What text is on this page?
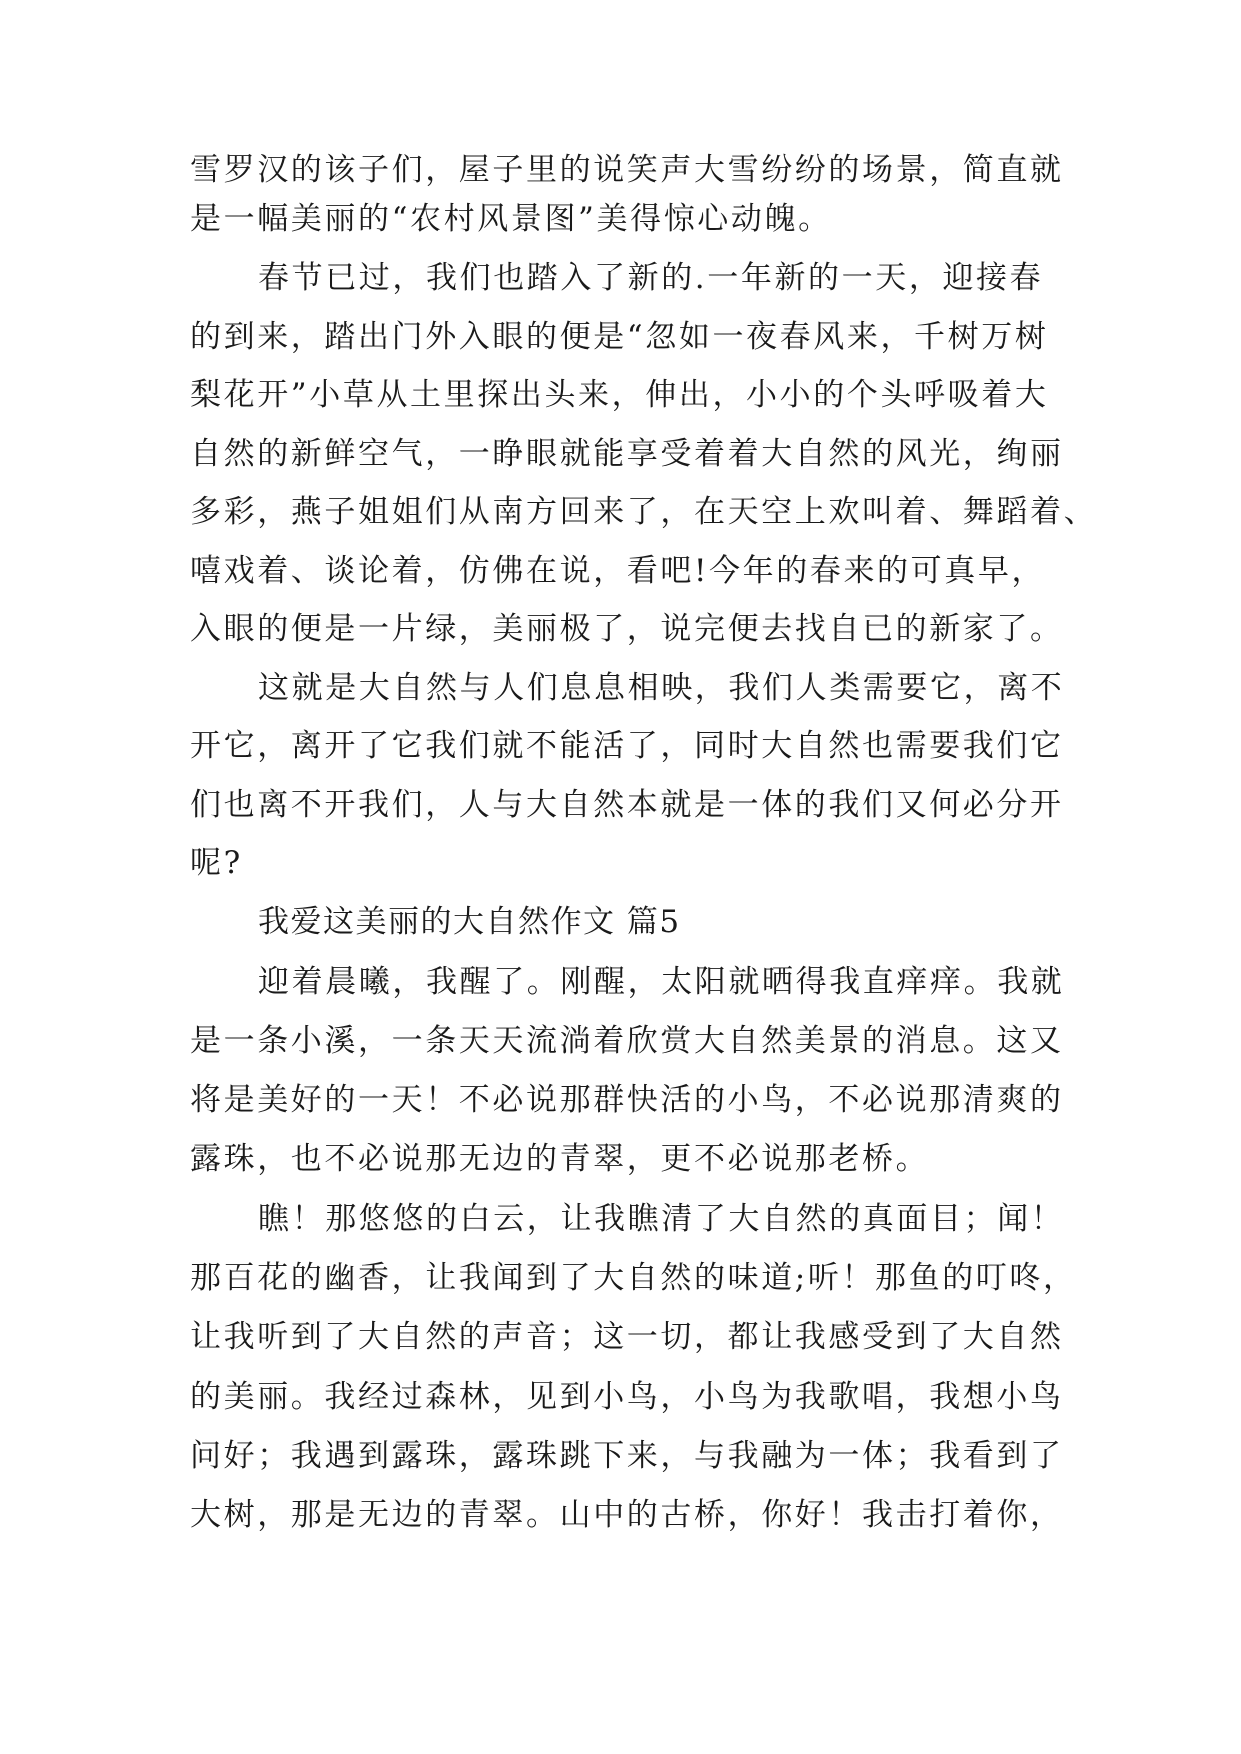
雪罗汉的该子们，屋子里的说笑声大雪纷纷的场景，简直就
是一幅美丽的“农村风景图”美得惊心动魄。
春节已过，我们也踏入了新的.一年新的一天，迎接春
的到来，踏出门外入眼的便是“忽如一夜春风来，千树万树
梨花开”小草从土里探出头来，伸出，小小的个头呼吸着大
自然的新鲜空气，一睁眼就能享受着着大自然的风光，绚丽
多彩，燕子姐姐们从南方回来了，在天空上欢叫着、舞蹈着、
嘻戏着、谈论着，仿佛在说，看吧!今年的春来的可真早，
入眼的便是一片绿，美丽极了，说完便去找自已的新家了。
这就是大自然与人们息息相映，我们人类需要它，离不
开它，离开了它我们就不能活了，同时大自然也需要我们它
们也离不开我们，人与大自然本就是一体的我们又何必分开
呢?
我爱这美丽的大自然作文 篇5
迎着晨曦，我醒了。刚醒，太阳就晒得我直痒痒。我就
是一条小溪，一条天天流淌着欣赏大自然美景的消息。这又
将是美好的一天！不必说那群快活的小鸟，不必说那清爽的
露珠，也不必说那无边的青翠，更不必说那老桥。
瞧！那悠悠的白云，让我瞧清了大自然的真面目；闻！
那百花的幽香，让我闻到了大自然的味道;听！那鱼的叮咚，
让我听到了大自然的声音；这一切，都让我感受到了大自然
的美丽。我经过森林，见到小鸟，小鸟为我歌唱，我想小鸟
问好；我遇到露珠，露珠跳下来，与我融为一体；我看到了
大树，那是无边的青翠。山中的古桥，你好！我击打着你，
